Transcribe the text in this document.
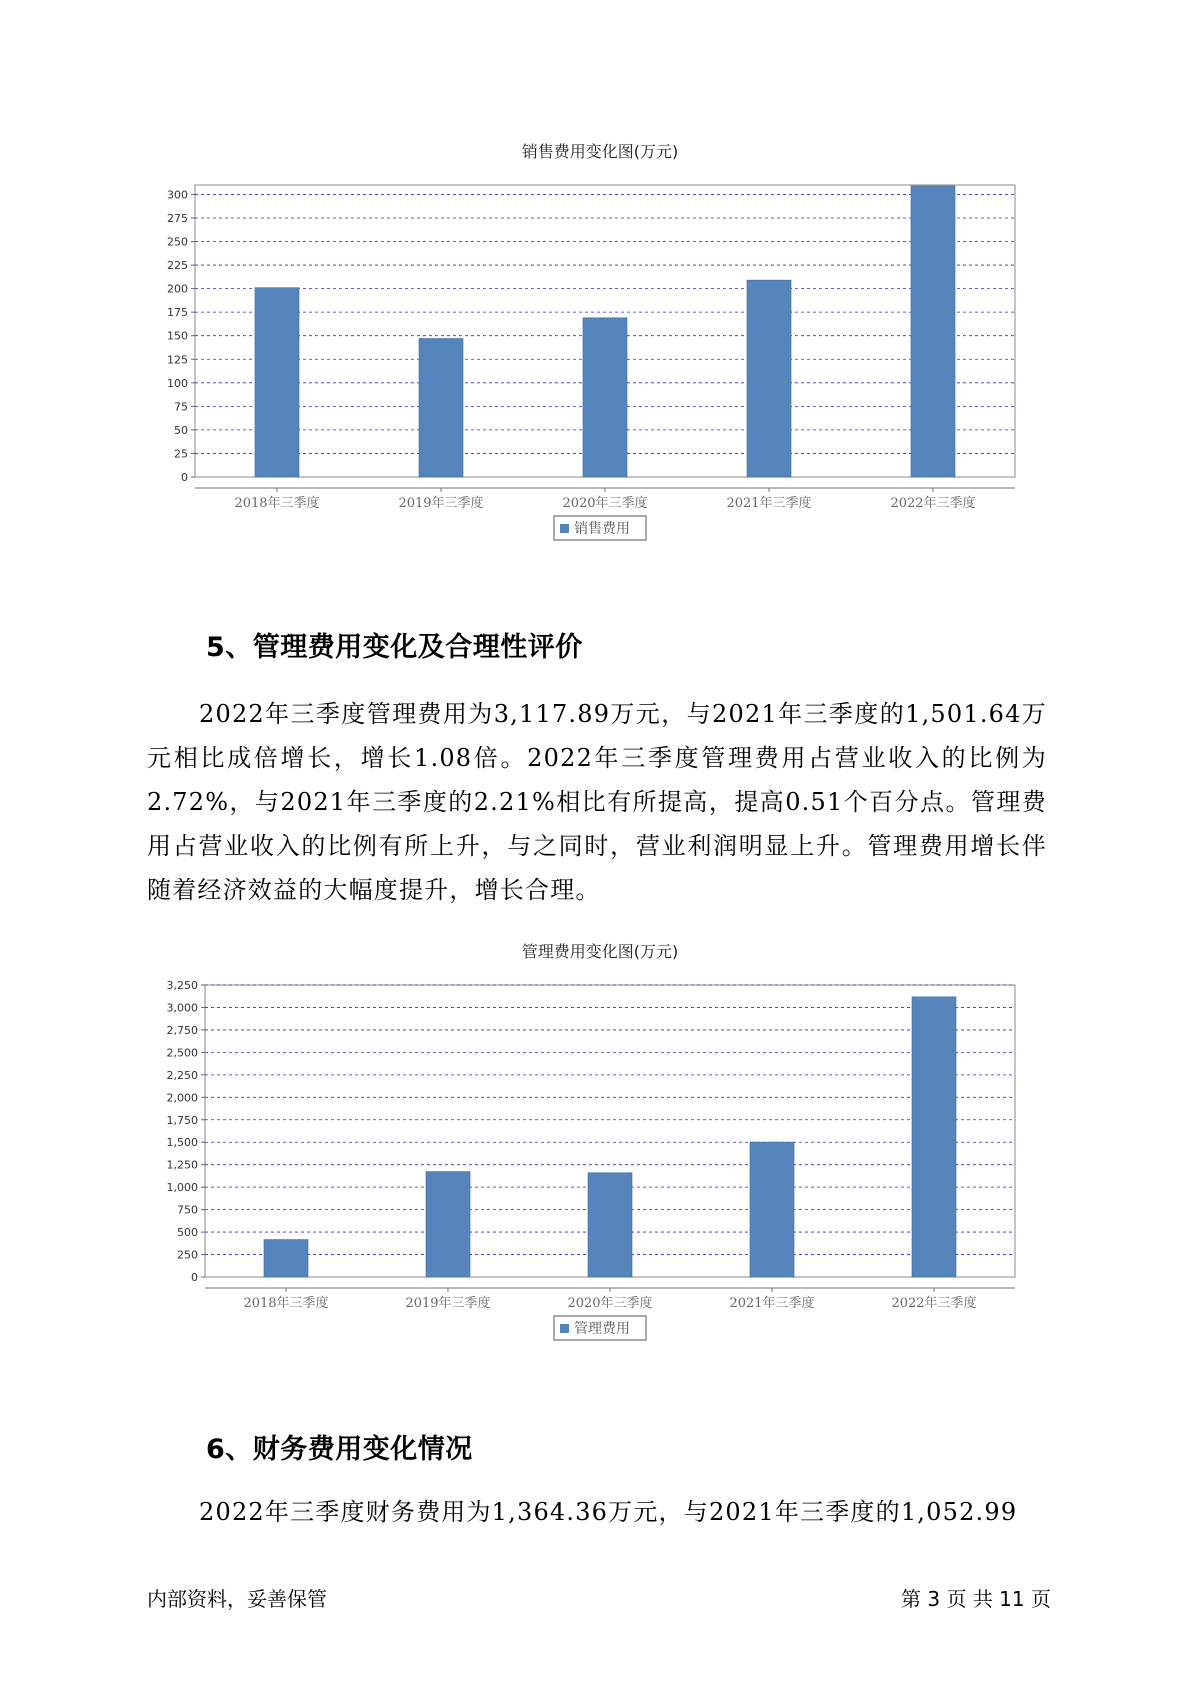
销售费用变化图(万元)
0
25
50
75
100
125
150
175
200
225
250
275
300
2018年三季度	2019年三季度	2020年三季度	2021年三季度	2022年三季度
销售费用
5、管理费用变化及合理性评价

2022年三季度管理费用为3,117.89万元，与2021年三季度的1,501.64万元相比成倍增长，增长1.08倍。2022年三季度管理费用占营业收入的比例为2.72%，与2021年三季度的2.21%相比有所提高，提高0.51个百分点。管理费用占营业收入的比例有所上升，与之同时，营业利润明显上升。管理费用增长伴随着经济效益的大幅度提升，增长合理。

管理费用变化图(万元)
0
250
500
750
1,000
1,250
1,500
1,750
2,000
2,250
2,500
2,750
3,000
3,250
2018年三季度	2019年三季度	2020年三季度	2021年三季度	2022年三季度
管理费用
6、财务费用变化情况

2022年三季度财务费用为1,364.36万元，与2021年三季度的1,052.99

内部资料，妥善保管	第 3 页 共 11 页
